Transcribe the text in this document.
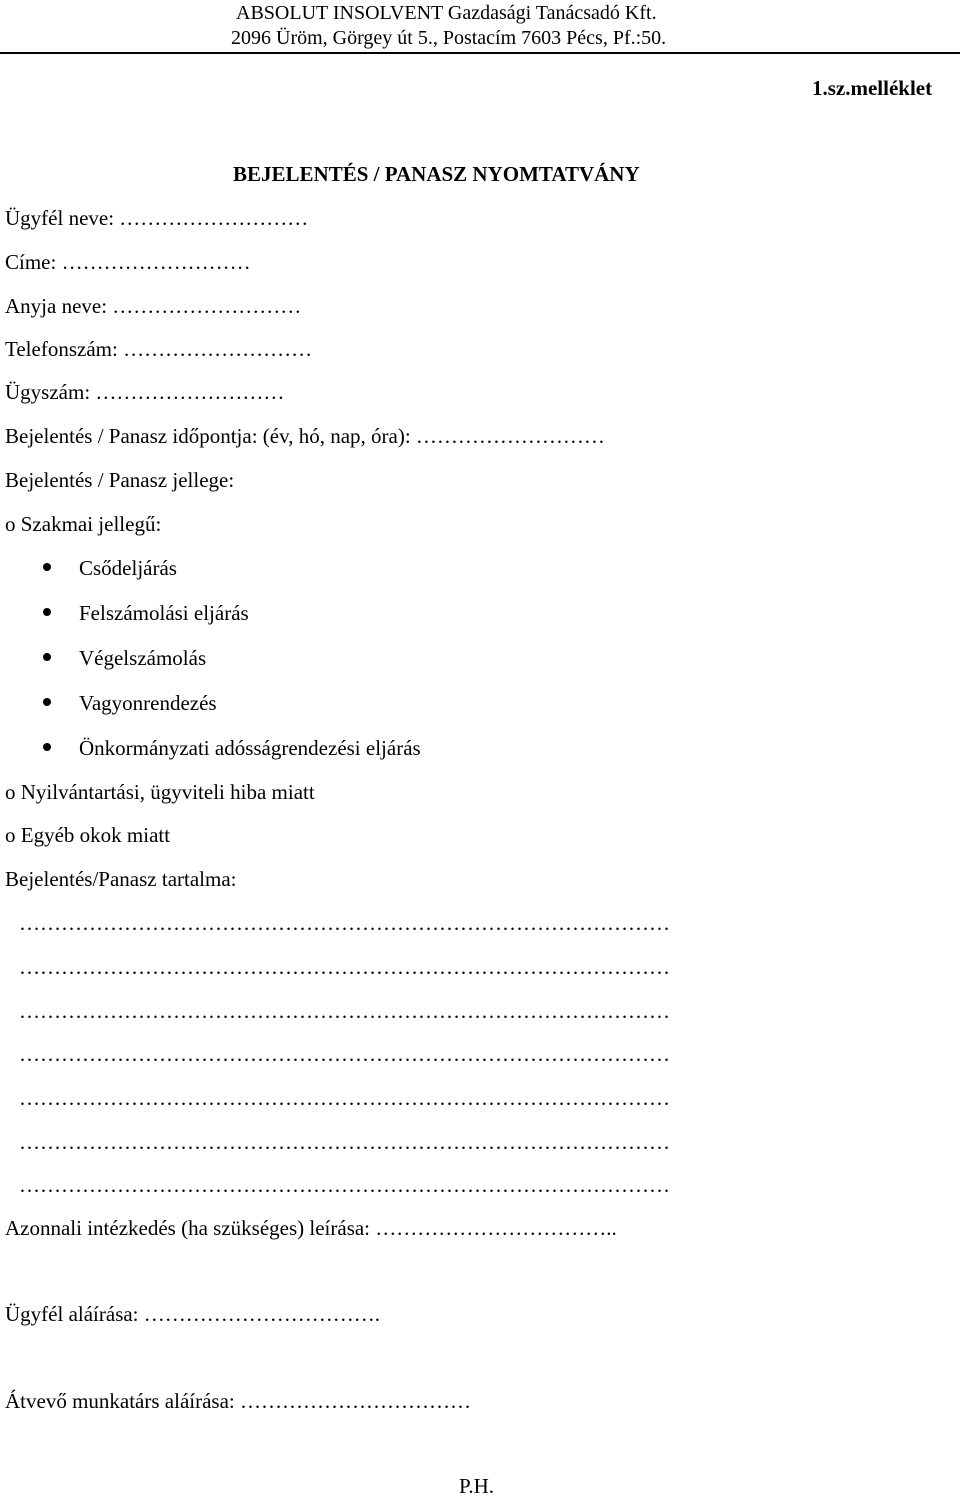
ABSOLUT INSOLVENT Gazdasági Tanácsadó Kft.
2096 Üröm, Görgey út 5., Postacím 7603 Pécs, Pf.:50.
1.sz.melléklet
BEJELENTÉS / PANASZ NYOMTATVÁNY
Ügyfél neve: ………………………
Címe: ………………………
Anyja neve: ………………………
Telefonszám: ………………………
Ügyszám: ………………………
Bejelentés / Panasz időpontja: (év, hó, nap, óra): ………………………
Bejelentés / Panasz jellege:
o Szakmai jellegű:
Csődeljárás
Felszámolási eljárás
Végelszámolás
Vagyonrendezés
Önkormányzati adósságrendezési eljárás
o Nyilvántartási, ügyviteli hiba miatt
o Egyéb okok miatt
Bejelentés/Panasz tartalma:
…………………………………………………………………………………
…………………………………………………………………………………
…………………………………………………………………………………
…………………………………………………………………………………
…………………………………………………………………………………
…………………………………………………………………………………
…………………………………………………………………………………
Azonnali intézkedés (ha szükséges) leírása: ……………………………..
Ügyfél aláírása: …………………………….
Átvevő munkatárs aláírása: ……………………………
P.H.
